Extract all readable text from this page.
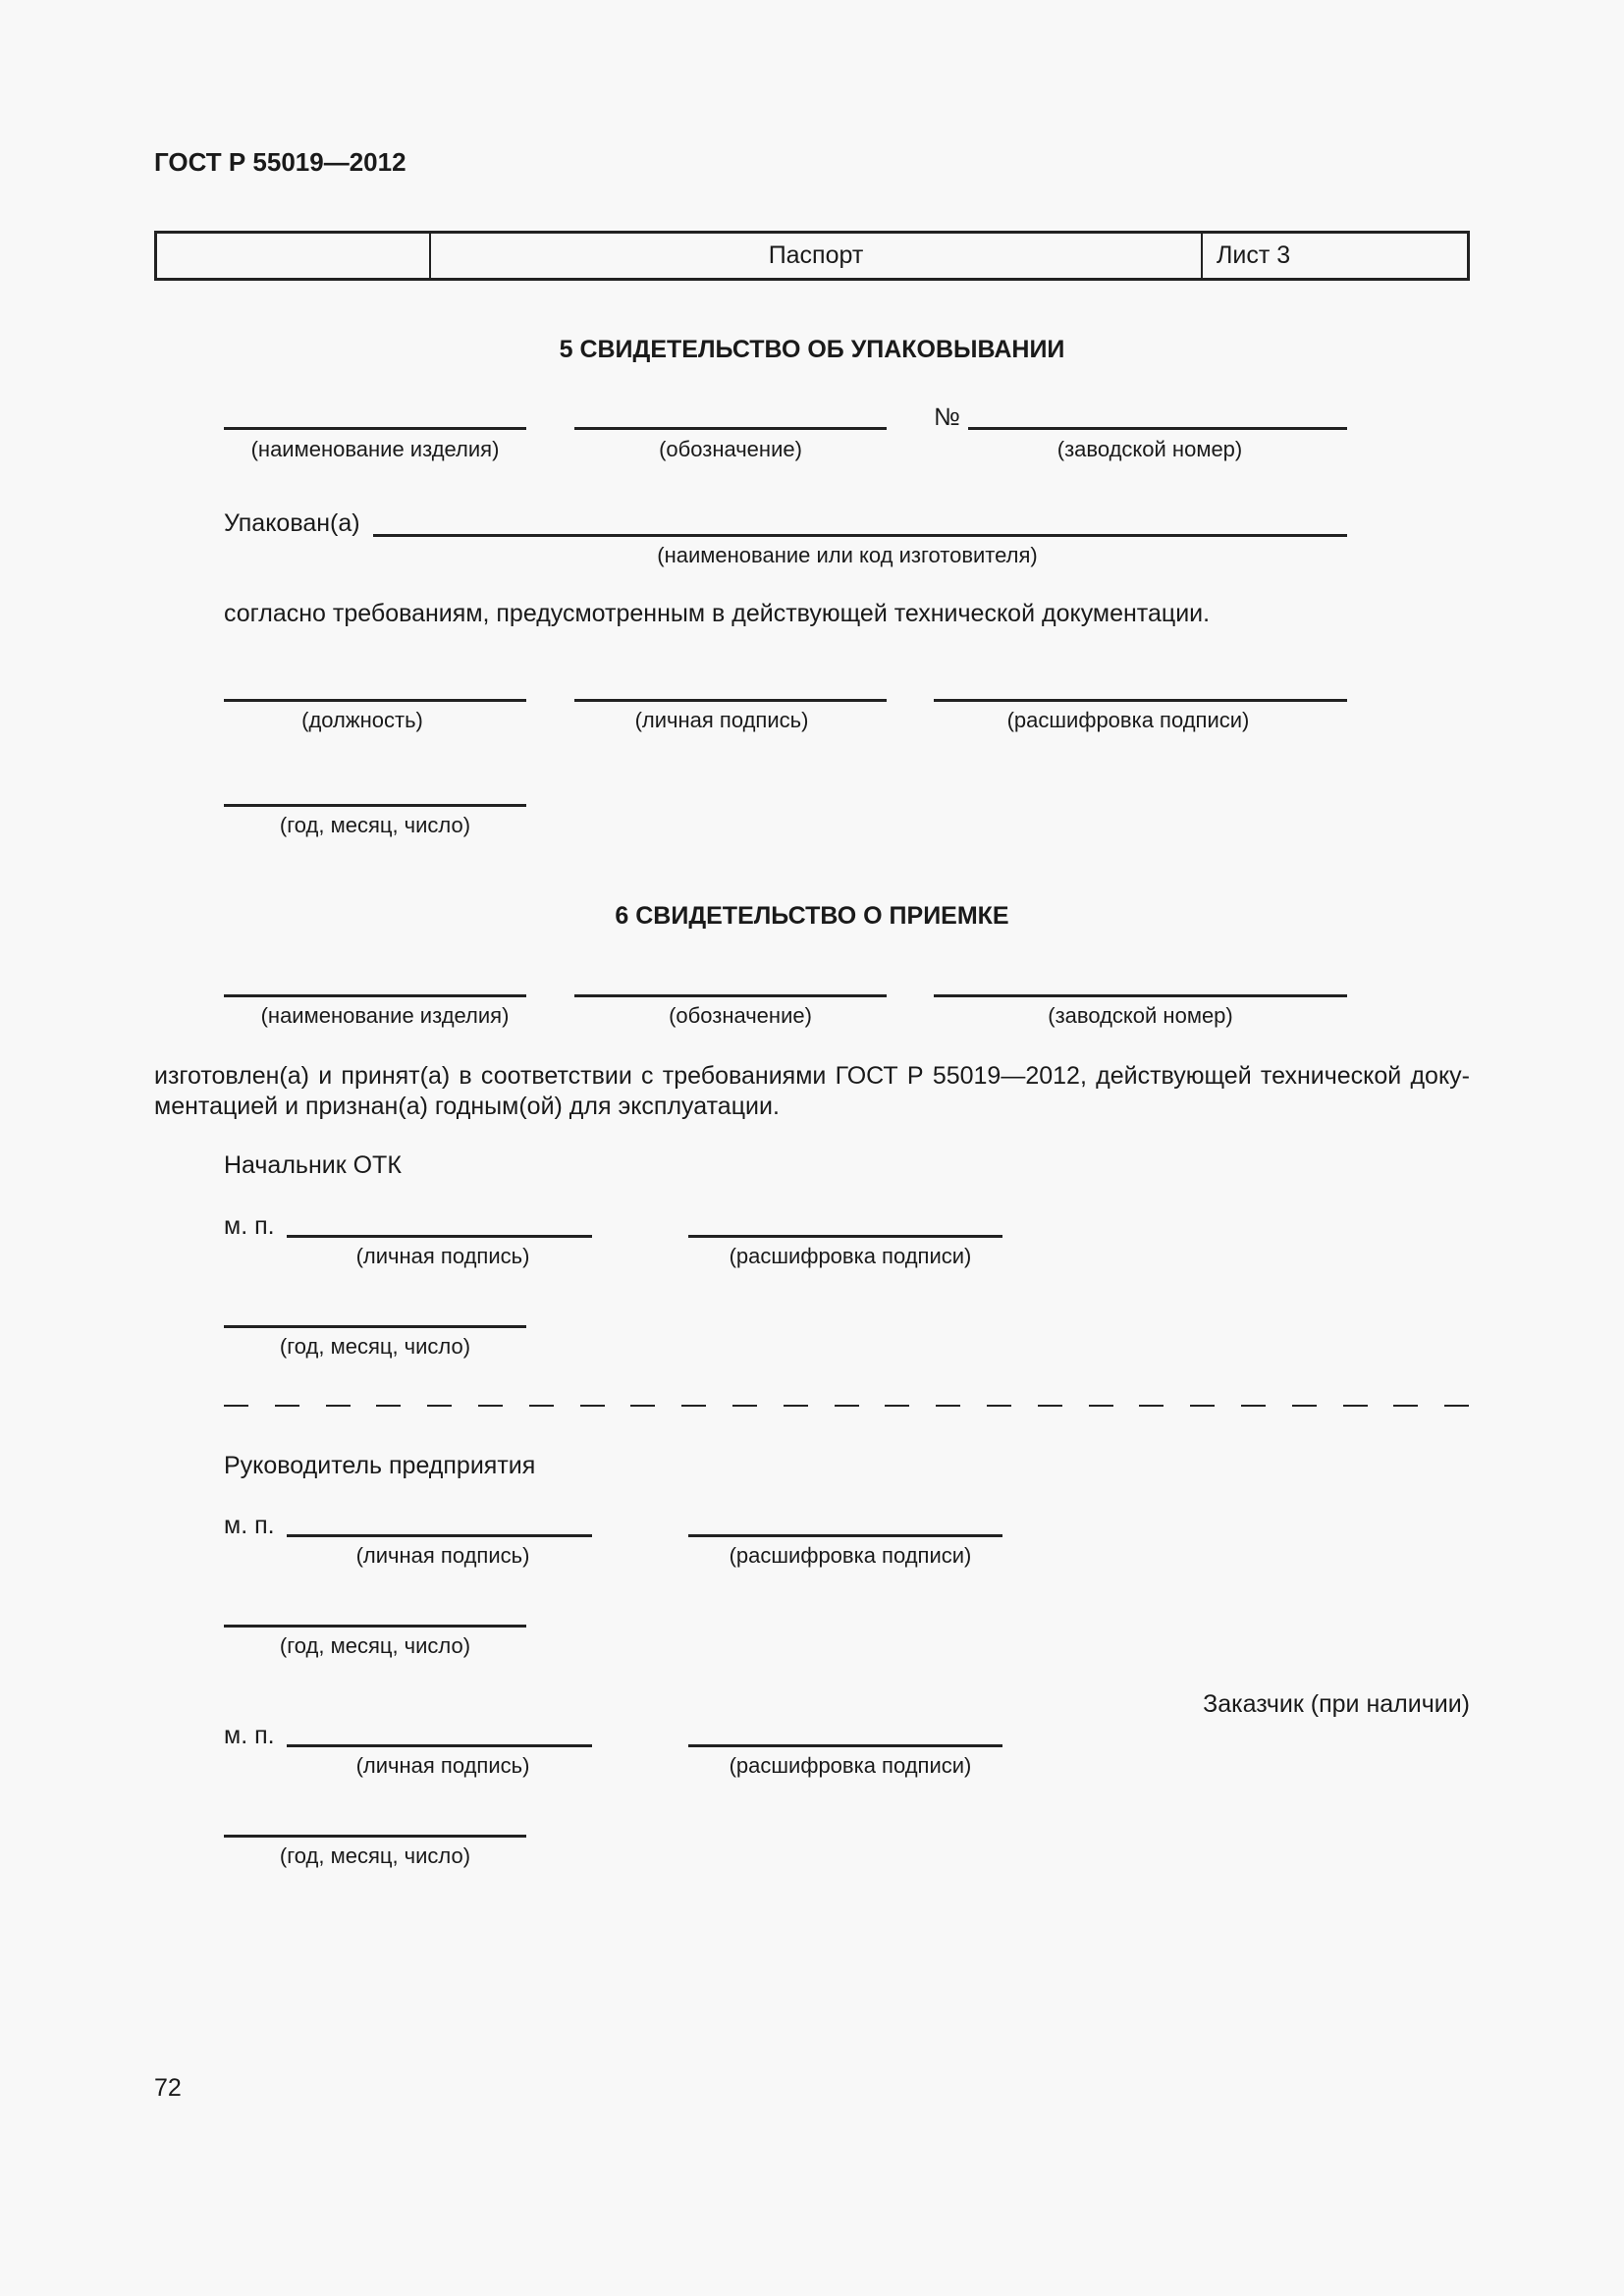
ГОСТ Р 55019—2012
Паспорт	Лист 3
5 СВИДЕТЕЛЬСТВО ОБ УПАКОВЫВАНИИ
(наименование изделия)	(обозначение)
№
(заводской номер)
Упакован(а)
(наименование или код изготовителя)
согласно требованиям, предусмотренным в действующей технической документации.
(должность)	(личная подпись)	(расшифровка подписи)
(год, месяц, число)
6 СВИДЕТЕЛЬСТВО О ПРИЕМКЕ
(наименование изделия)	(обозначение)	(заводской номер)
изготовлен(а) и принят(а) в соответствии с требованиями ГОСТ Р 55019—2012, действующей технической документацией и признан(а) годным(ой) для эксплуатации.
Начальник ОТК
м. п.
(личная подпись)	(расшифровка подписи)
(год, месяц, число)
Руководитель предприятия
м. п.
(личная подпись)	(расшифровка подписи)
(год, месяц, число)
Заказчик (при наличии)
м. п.
(личная подпись)	(расшифровка подписи)
(год, месяц, число)
72
